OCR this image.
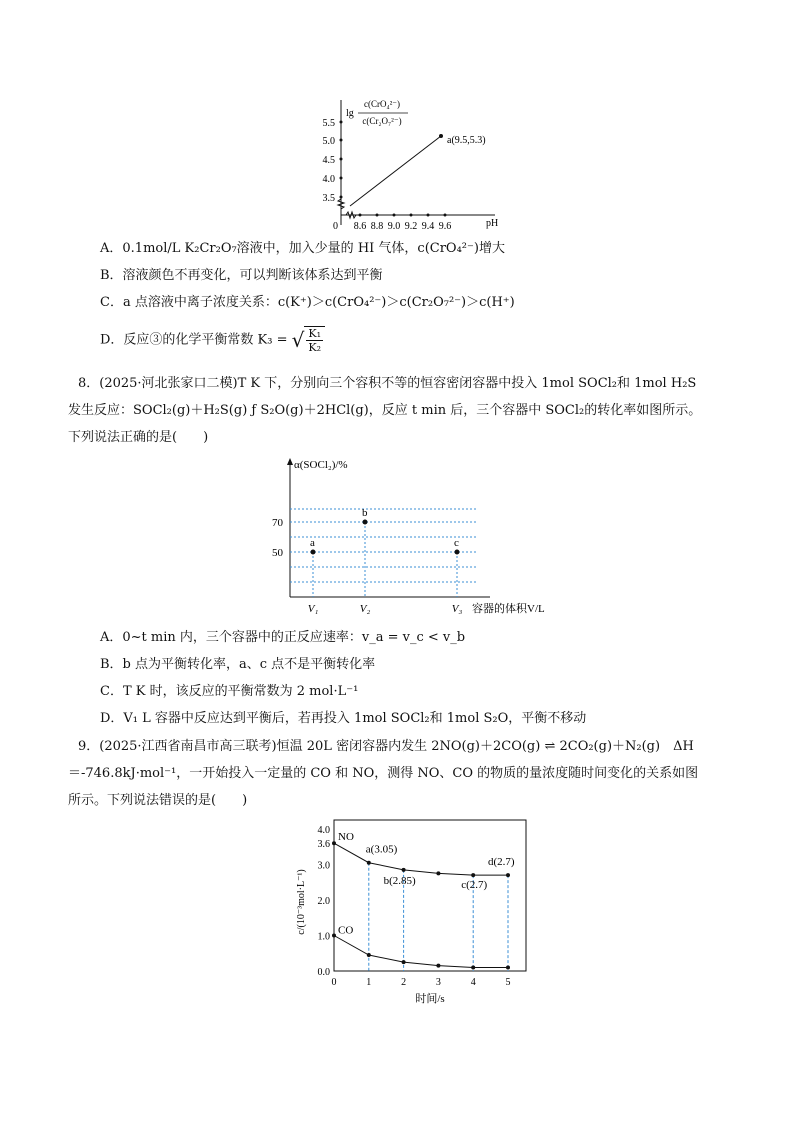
5.5
5.0
4.5
4.0
3.5
8.6 8.8 9.0 9.2 9.4 9.6
0	pH
a(9.5,5.3)
lg
c(CrO₄²⁻)
c(Cr₂O₇²⁻)
A．0.1mol/L K₂Cr₂O₇溶液中，加入少量的 HI 气体，c(CrO₄²⁻)增大
B．溶液颜色不再变化，可以判断该体系达到平衡
C．a 点溶液中离子浓度关系：c(K⁺)＞c(CrO₄²⁻)＞c(Cr₂O₇²⁻)＞c(H⁺)
D．反应③的化学平衡常数 K₃ = √ $\frac{\text{K₁}}{\text{K₂}}$
8．(2025·河北张家口二模)T K 下，分别向三个容积不等的恒容密闭容器中投入 1mol SOCl₂和 1mol H₂S
发生反应：SOCl₂(g)＋H₂S(g) ƒ S₂O(g)＋2HCl(g)，反应 t min 后，三个容器中 SOCl₂的转化率如图所示。
下列说法正确的是(　　)
α(SOCl₂)/%
容器的体积V/L
70
50
a
V₁
b
V₂
c
V₃
A．0~t min 内，三个容器中的正反应速率：v_a = v_c < v_b
B．b 点为平衡转化率，a、c 点不是平衡转化率
C．T K 时，该反应的平衡常数为 2 mol·L⁻¹
D．V₁ L 容器中反应达到平衡后，若再投入 1mol SOCl₂和 1mol S₂O，平衡不移动
9．(2025·江西省南昌市高三联考)恒温 20L 密闭容器内发生 2NO(g)＋2CO(g) ⇌ 2CO₂(g)＋N₂(g)　ΔH
＝-746.8kJ·mol⁻¹，一开始投入一定量的 CO 和 NO，测得 NO、CO 的物质的量浓度随时间变化的关系如图
所示。下列说法错误的是(　　)
c/(10⁻³mol·L⁻¹)
时间/s
4.0
3.6
3.0
2.0
1.0
0.0
0	1	2	3	4	5
NO
CO
a(3.05)
b(2.85)	c(2.7)
d(2.7)
